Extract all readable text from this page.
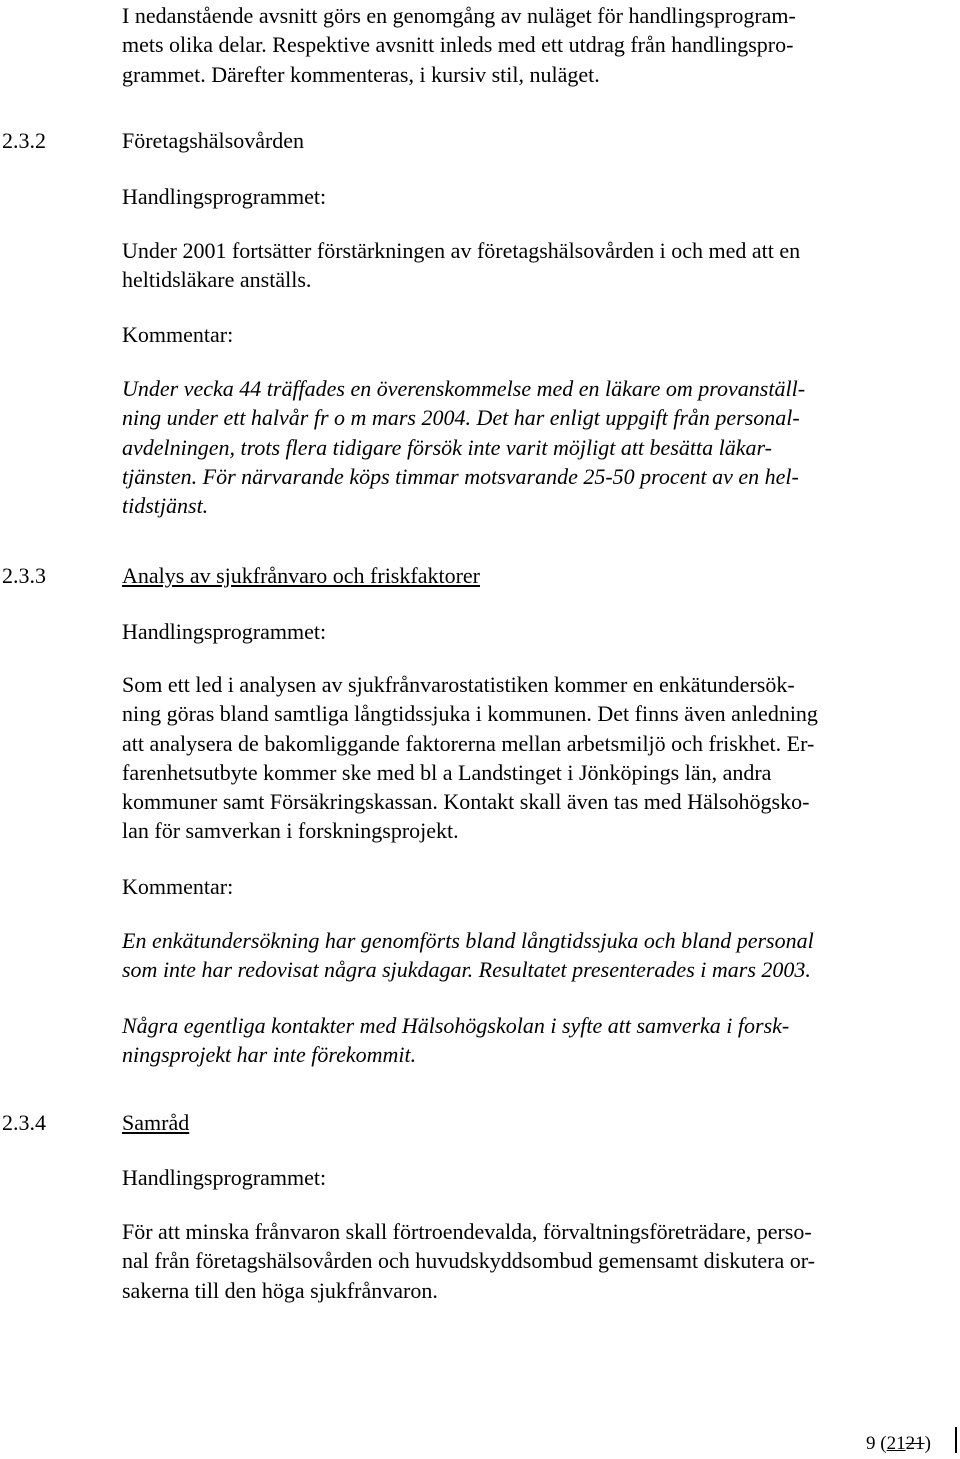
I nedanstående avsnitt görs en genomgång av nuläget för handlingsprogram-
mets olika delar. Respektive avsnitt inleds med ett utdrag från handlingspro-
grammet. Därefter kommenteras, i kursiv stil, nuläget.
2.3.2	Företagshälsovården
Handlingsprogrammet:
Under 2001 fortsätter förstärkningen av företagshälsovården i och med att en
heltidsläkare anställs.
Kommentar:
Under vecka 44 träffades en överenskommelse med en läkare om provanställ-
ning under ett halvår fr o m mars 2004. Det har enligt uppgift från personal-
avdelningen, trots flera tidigare försök inte varit möjligt att besätta läkar-
tjänsten. För närvarande köps timmar motsvarande 25-50 procent av en hel-
tidstjänst.
2.3.3	Analys av sjukfrånvaro och friskfaktorer
Handlingsprogrammet:
Som ett led i analysen av sjukfrånvarostatistiken kommer en enkätundersök-
ning göras bland samtliga långtidssjuka i kommunen. Det finns även anledning
att analysera de bakomliggande faktorerna mellan arbetsmiljö och friskhet. Er-
farenhetsutbyte kommer ske med bl a Landstinget i Jönköpings län, andra
kommuner samt Försäkringskassan. Kontakt skall även tas med Hälsohögsko-
lan för samverkan i forskningsprojekt.
Kommentar:
En enkätundersökning har genomförts bland långtidssjuka och bland personal
som inte har redovisat några sjukdagar. Resultatet presenterades i mars 2003.
Några egentliga kontakter med Hälsohögskolan i syfte att samverka i forsk-
ningsprojekt har inte förekommit.
2.3.4	Samråd
Handlingsprogrammet:
För att minska frånvaron skall förtroendevalda, förvaltningsföreträdare, perso-
nal från företagshälsovården och huvudskyddsombud gemensamt diskutera or-
sakerna till den höga sjukfrånvaron.
9 (2121)
